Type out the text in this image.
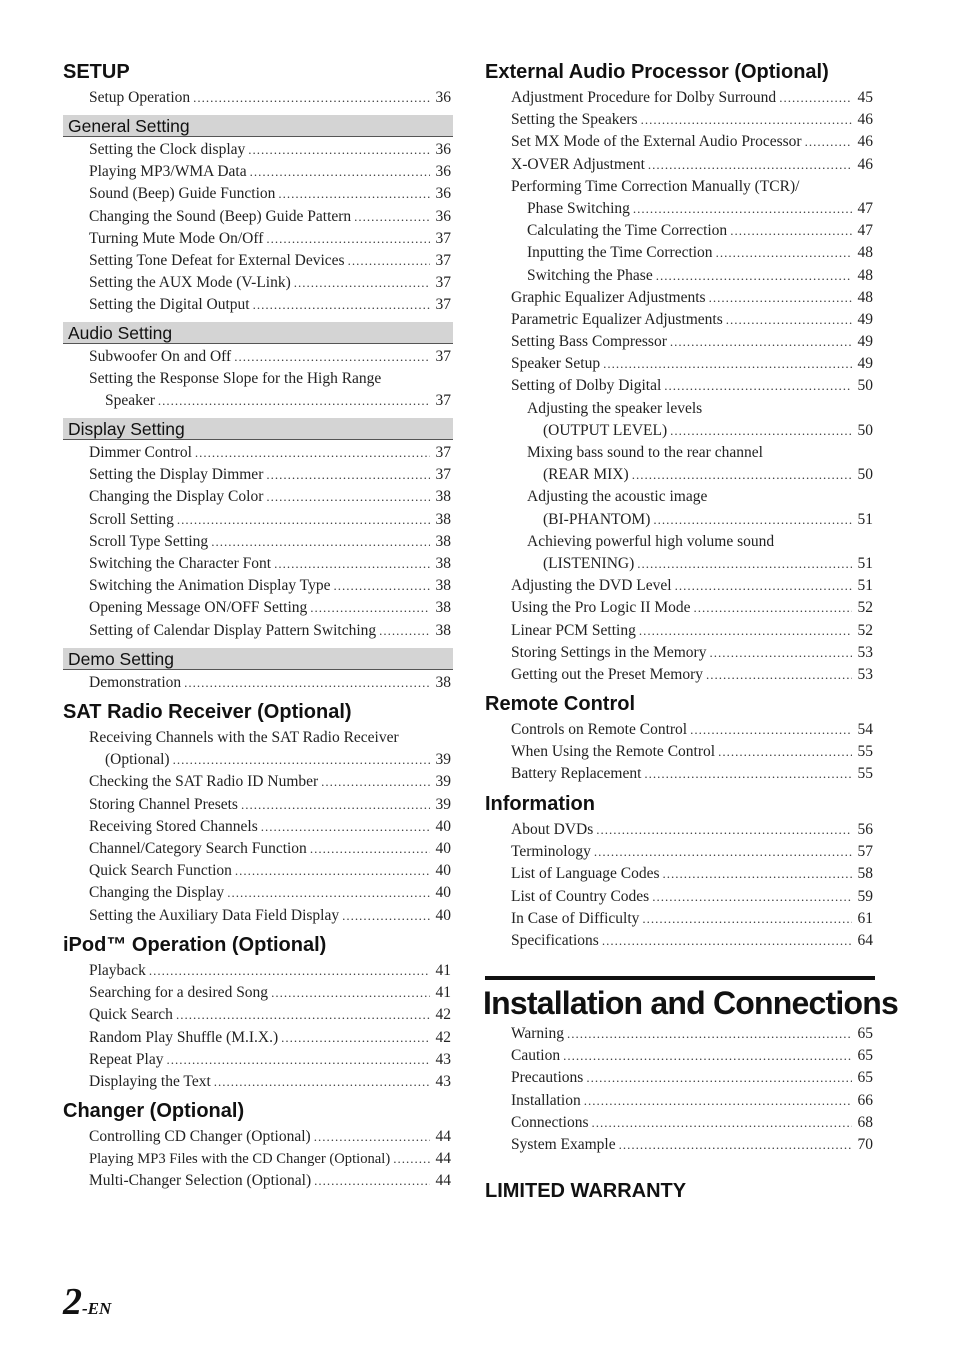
SETUP
Setup Operation .....	36
General Setting
Setting the Clock display .....	36
Playing MP3/WMA Data .....	36
Sound (Beep) Guide Function .....	36
Changing the Sound (Beep) Guide Pattern .....	36
Turning Mute Mode On/Off .....	37
Setting Tone Defeat for External Devices .....	37
Setting the AUX Mode (V-Link) .....	37
Setting the Digital Output .....	37
Audio Setting
Subwoofer On and Off .....	37
Setting the Response Slope for the High Range
Speaker .....	37
Display Setting
Dimmer Control .....	37
Setting the Display Dimmer .....	37
Changing the Display Color .....	38
Scroll Setting .....	38
Scroll Type Setting .....	38
Switching the Character Font .....	38
Switching the Animation Display Type .....	38
Opening Message ON/OFF Setting .....	38
Setting of Calendar Display Pattern Switching .....	38
Demo Setting
Demonstration .....	38
SAT Radio Receiver (Optional)
Receiving Channels with the SAT Radio Receiver
(Optional) .....	39
Checking the SAT Radio ID Number .....	39
Storing Channel Presets .....	39
Receiving Stored Channels .....	40
Channel/Category Search Function .....	40
Quick Search Function .....	40
Changing the Display .....	40
Setting the Auxiliary Data Field Display .....	40
iPod™ Operation (Optional)
Playback .....	41
Searching for a desired Song .....	41
Quick Search .....	42
Random Play Shuffle (M.I.X.) .....	42
Repeat Play .....	43
Displaying the Text .....	43
Changer (Optional)
Controlling CD Changer (Optional) .....	44
Playing MP3 Files with the CD Changer (Optional) .....	44
Multi-Changer Selection (Optional) .....	44
External Audio Processor (Optional)
Adjustment Procedure for Dolby Surround .....	45
Setting the Speakers .....	46
Set MX Mode of the External Audio Processor .....	46
X-OVER Adjustment .....	46
Performing Time Correction Manually (TCR)/
Phase Switching .....	47
Calculating the Time Correction .....	47
Inputting the Time Correction .....	48
Switching the Phase .....	48
Graphic Equalizer Adjustments .....	48
Parametric Equalizer Adjustments .....	49
Setting Bass Compressor .....	49
Speaker Setup .....	49
Setting of Dolby Digital .....	50
Adjusting the speaker levels
(OUTPUT LEVEL) .....	50
Mixing bass sound to the rear channel
(REAR MIX) .....	50
Adjusting the acoustic image
(BI-PHANTOM) .....	51
Achieving powerful high volume sound
(LISTENING) .....	51
Adjusting the DVD Level .....	51
Using the Pro Logic II Mode .....	52
Linear PCM Setting .....	52
Storing Settings in the Memory .....	53
Getting out the Preset Memory .....	53
Remote Control
Controls on Remote Control .....	54
When Using the Remote Control .....	55
Battery Replacement .....	55
Information
About DVDs .....	56
Terminology .....	57
List of Language Codes .....	58
List of Country Codes .....	59
In Case of Difficulty .....	61
Specifications .....	64
Installation and Connections
Warning .....	65
Caution .....	65
Precautions .....	65
Installation .....	66
Connections .....	68
System Example .....	70
LIMITED WARRANTY
2-EN
